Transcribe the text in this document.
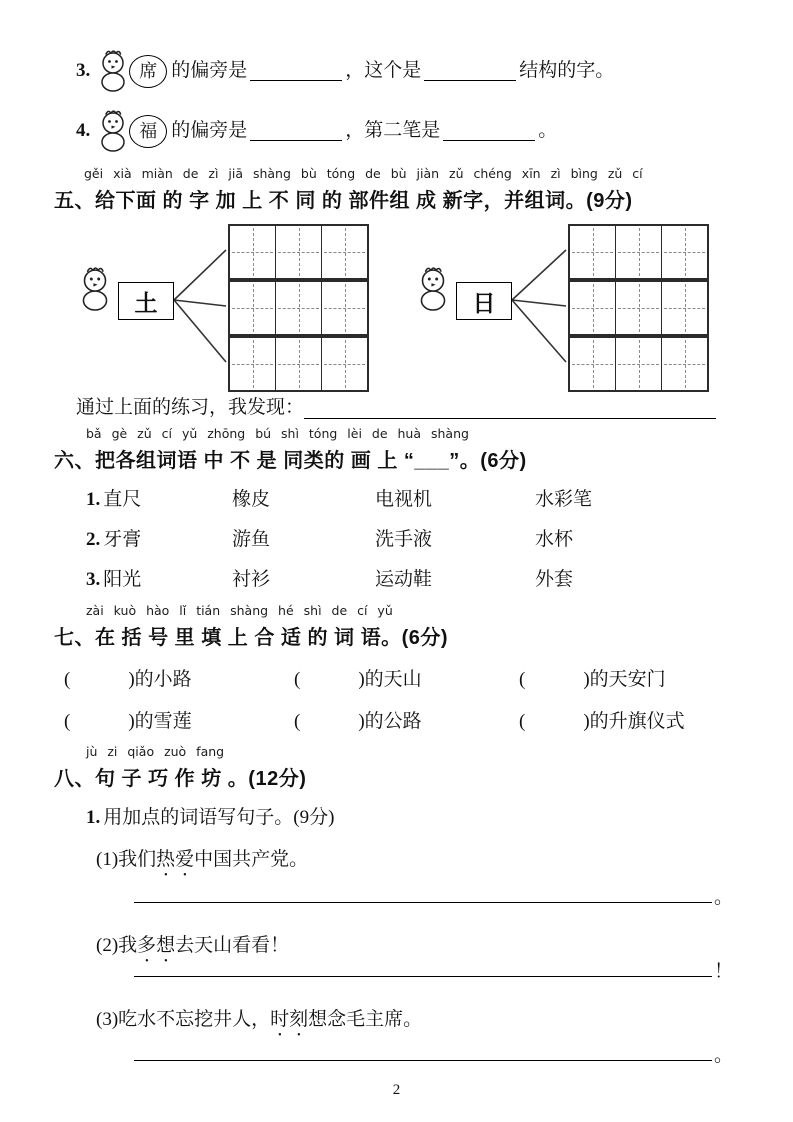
3.	席 的偏旁是	，这个是	结构的字。
4.	福 的偏旁是	，第二笔是	。
gěi xià miàn de zì jiā shàng bù tóng de bù jiàn zǔ chéng xīn zì bìng zǔ cí
五、给下面 的 字 加 上 不 同 的 部件组 成 新字，并组词。(9分)
土	日
通过上面的练习，我发现：
bǎ gè zǔ cí yǔ zhōng bú shì tóng lèi de huà shàng
六、把各组词语 中 不 是 同类的 画 上 “___”。(6分)
1. 直尺	橡皮	电视机	水彩笔
2. 牙膏	游鱼	洗手液	水杯
3. 阳光	衬衫	运动鞋	外套
zài kuò hào lǐ tián shàng hé shì de cí yǔ
七、在 括 号 里 填 上 合 适 的 词 语。(6分)
(	)的小路	(	)的天山	(	)的天安门
(	)的雪莲	(	)的公路	(	)的升旗仪式
jù zi qiǎo zuò fang
八、句 子 巧 作 坊 。(12分)
1. 用加点的词语写句子。(9分)
(1)我们热爱中国共产党。
。
(2)我多想去天山看看！
！
(3)吃水不忘挖井人，时刻想念毛主席。
。
2
